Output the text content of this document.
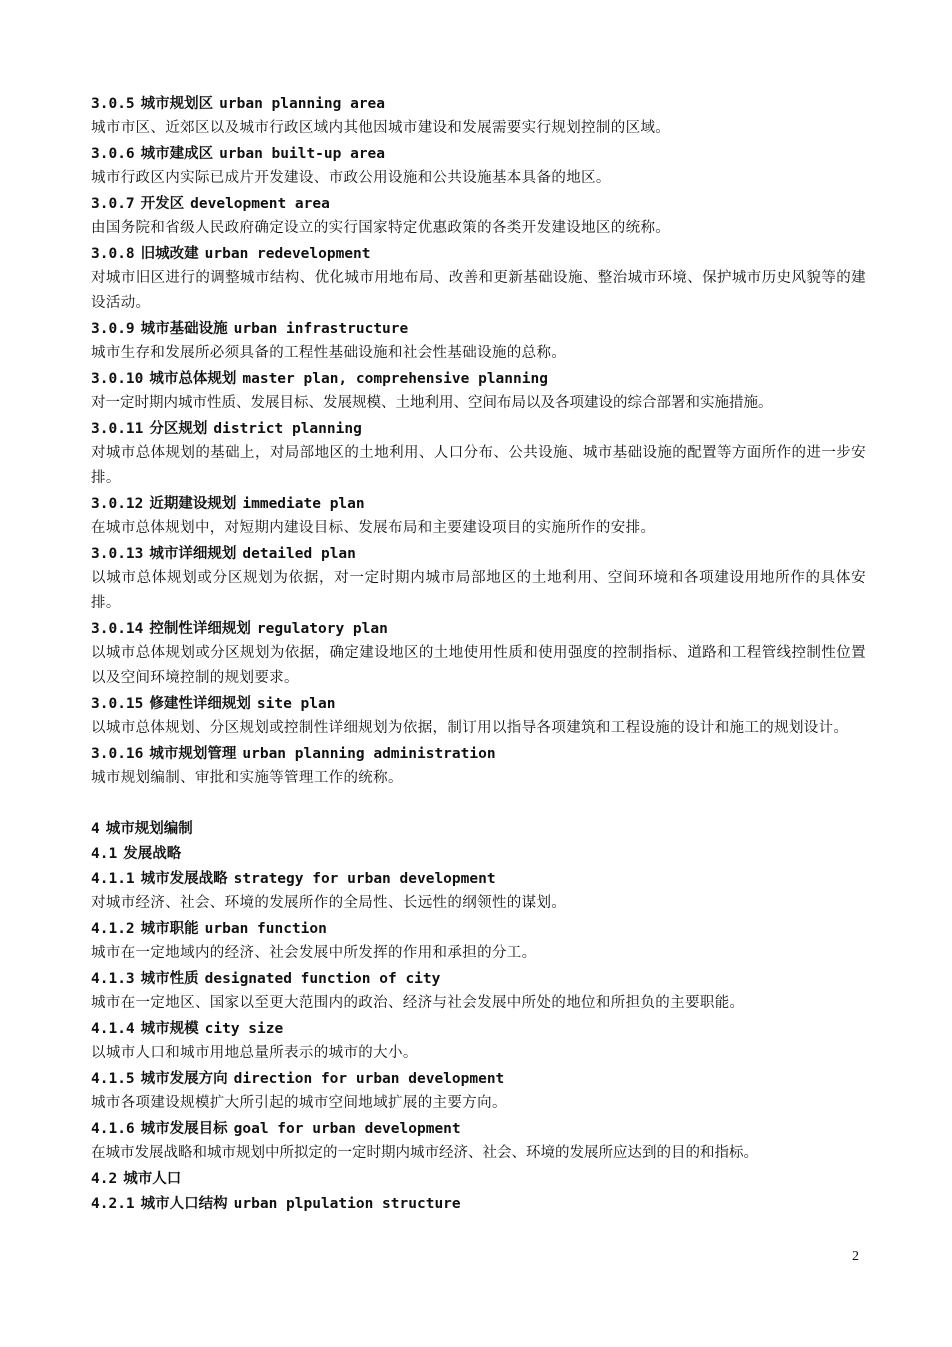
3.0.5 城市规划区 urban planning area
城市市区、近郊区以及城市行政区域内其他因城市建设和发展需要实行规划控制的区域。
3.0.6 城市建成区 urban built-up area
城市行政区内实际已成片开发建设、市政公用设施和公共设施基本具备的地区。
3.0.7 开发区 development area
由国务院和省级人民政府确定设立的实行国家特定优惠政策的各类开发建设地区的统称。
3.0.8 旧城改建 urban redevelopment
对城市旧区进行的调整城市结构、优化城市用地布局、改善和更新基础设施、整治城市环境、保护城市历史风貌等的建设活动。
3.0.9 城市基础设施 urban infrastructure
城市生存和发展所必须具备的工程性基础设施和社会性基础设施的总称。
3.0.10 城市总体规划 master plan, comprehensive planning
对一定时期内城市性质、发展目标、发展规模、土地利用、空间布局以及各项建设的综合部署和实施措施。
3.0.11 分区规划 district planning
对城市总体规划的基础上，对局部地区的土地利用、人口分布、公共设施、城市基础设施的配置等方面所作的进一步安排。
3.0.12 近期建设规划 immediate plan
在城市总体规划中，对短期内建设目标、发展布局和主要建设项目的实施所作的安排。
3.0.13 城市详细规划 detailed plan
以城市总体规划或分区规划为依据，对一定时期内城市局部地区的土地利用、空间环境和各项建设用地所作的具体安排。
3.0.14 控制性详细规划 regulatory plan
以城市总体规划或分区规划为依据，确定建设地区的土地使用性质和使用强度的控制指标、道路和工程管线控制性位置以及空间环境控制的规划要求。
3.0.15 修建性详细规划 site plan
以城市总体规划、分区规划或控制性详细规划为依据，制订用以指导各项建筑和工程设施的设计和施工的规划设计。
3.0.16 城市规划管理 urban planning administration
城市规划编制、审批和实施等管理工作的统称。
4 城市规划编制
4.1 发展战略
4.1.1 城市发展战略 strategy for urban development
对城市经济、社会、环境的发展所作的全局性、长远性的纲领性的谋划。
4.1.2 城市职能 urban function
城市在一定地域内的经济、社会发展中所发挥的作用和承担的分工。
4.1.3 城市性质 designated function of city
城市在一定地区、国家以至更大范围内的政治、经济与社会发展中所处的地位和所担负的主要职能。
4.1.4 城市规模 city size
以城市人口和城市用地总量所表示的城市的大小。
4.1.5 城市发展方向 direction for urban development
城市各项建设规模扩大所引起的城市空间地域扩展的主要方向。
4.1.6 城市发展目标 goal for urban development
在城市发展战略和城市规划中所拟定的一定时期内城市经济、社会、环境的发展所应达到的目的和指标。
4.2 城市人口
4.2.1 城市人口结构 urban plpulation structure
2
